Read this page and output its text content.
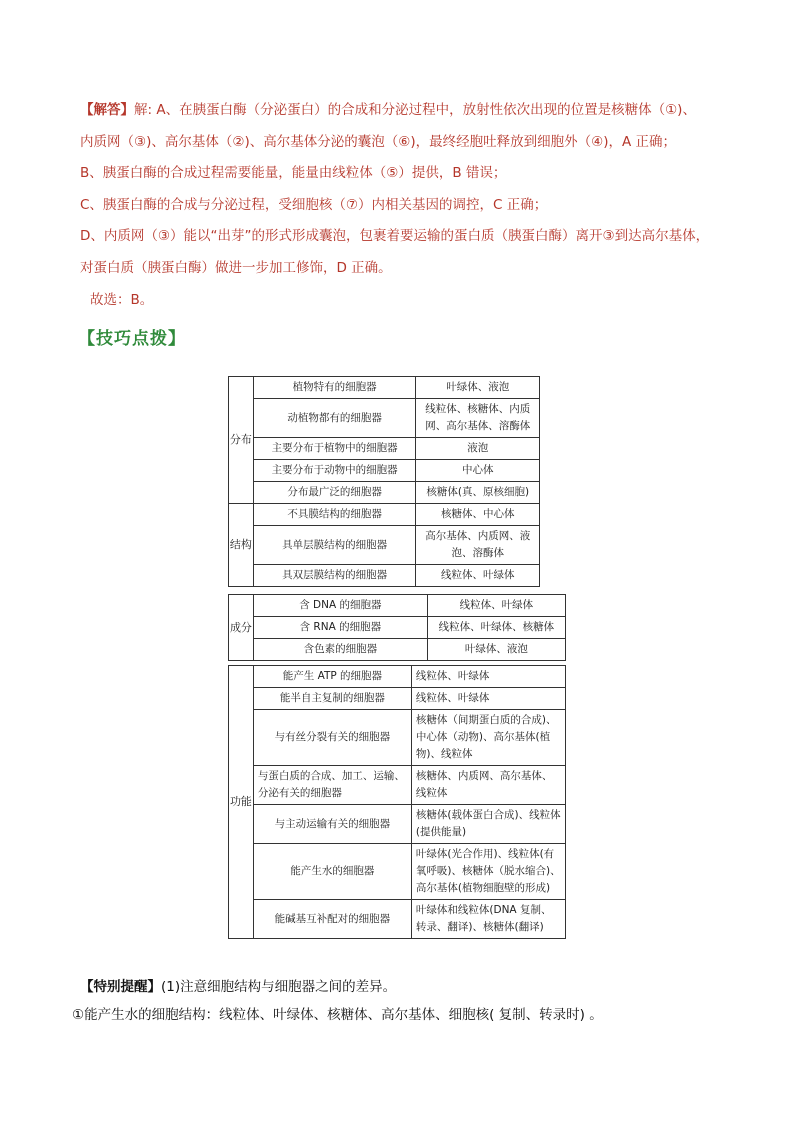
【解答】解: A、在胰蛋白酶（分泌蛋白）的合成和分泌过程中，放射性依次出现的位置是核糖体（①)、

内质网（③)、高尔基体（②)、高尔基体分泌的囊泡（⑥)，最终经胞吐释放到细胞外（④)，A 正确；

B、胰蛋白酶的合成过程需要能量，能量由线粒体（⑤）提供，B 错误；

C、胰蛋白酶的合成与分泌过程，受细胞核（⑦）内相关基因的调控，C 正确；

D、内质网（③）能以“出芽”的形式形成囊泡，包裹着要运输的蛋白质（胰蛋白酶）离开③到达高尔基体，

对蛋白质（胰蛋白酶）做进一步加工修饰，D 正确。

故选：B。

【技巧点拨】
分布	植物特有的细胞器	叶绿体、液泡
	动植物都有的细胞器	线粒体、核糖体、内质网、高尔基体、溶酶体
	主要分布于植物中的细胞器	液泡
	主要分布于动物中的细胞器	中心体
	分布最广泛的细胞器	核糖体(真、原核细胞)
结构	不具膜结构的细胞器	核糖体、中心体
	具单层膜结构的细胞器	高尔基体、内质网、液泡、溶酶体
	具双层膜结构的细胞器	线粒体、叶绿体
成分	含 DNA 的细胞器	线粒体、叶绿体
	含 RNA 的细胞器	线粒体、叶绿体、核糖体
	含色素的细胞器	叶绿体、液泡
功能	能产生 ATP 的细胞器	线粒体、叶绿体
	能半自主复制的细胞器	线粒体、叶绿体
	与有丝分裂有关的细胞器	核糖体（间期蛋白质的合成)、中心体（动物)、高尔基体(植物)、线粒体
	与蛋白质的合成、加工、运输、分泌有关的细胞器	核糖体、内质网、高尔基体、线粒体
	与主动运输有关的细胞器	核糖体(载体蛋白合成)、线粒体(提供能量)
	能产生水的细胞器	叶绿体(光合作用)、线粒体(有氧呼吸)、核糖体（脱水缩合)、高尔基体(植物细胞壁的形成)
	能碱基互补配对的细胞器	叶绿体和线粒体(DNA 复制、转录、翻译)、核糖体(翻译)
【特别提醒】(1)注意细胞结构与细胞器之间的差异。
①能产生水的细胞结构：线粒体、叶绿体、核糖体、高尔基体、细胞核( 复制、转录时) 。
